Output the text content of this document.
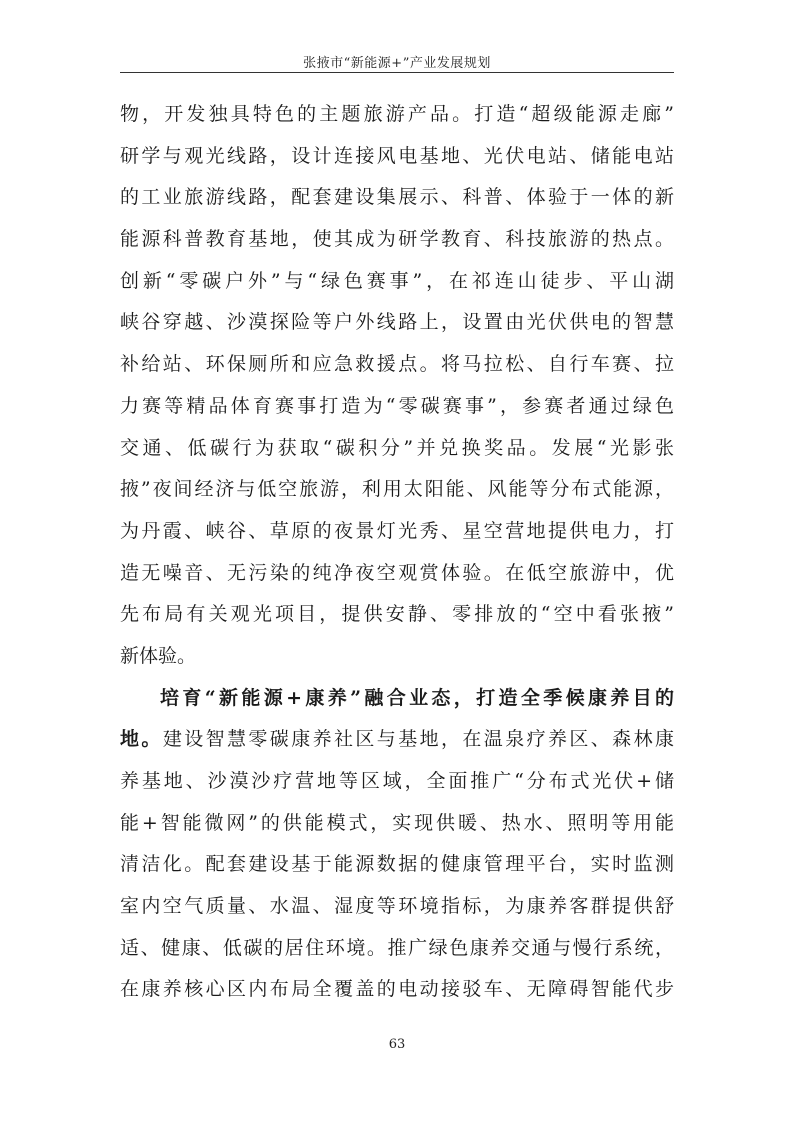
张掖市“新能源+”产业发展规划
物，开发独具特色的主题旅游产品。打造“超级能源走廊”
研学与观光线路，设计连接风电基地、光伏电站、储能电站
的工业旅游线路，配套建设集展示、科普、体验于一体的新
能源科普教育基地，使其成为研学教育、科技旅游的热点。
创新“零碳户外”与“绿色赛事”，在祁连山徒步、平山湖
峡谷穿越、沙漠探险等户外线路上，设置由光伏供电的智慧
补给站、环保厕所和应急救援点。将马拉松、自行车赛、拉
力赛等精品体育赛事打造为“零碳赛事”，参赛者通过绿色
交通、低碳行为获取“碳积分”并兑换奖品。发展“光影张
掖”夜间经济与低空旅游，利用太阳能、风能等分布式能源，
为丹霞、峡谷、草原的夜景灯光秀、星空营地提供电力，打
造无噪音、无污染的纯净夜空观赏体验。在低空旅游中，优
先布局有关观光项目，提供安静、零排放的“空中看张掖”
新体验。
培育“新能源+康养”融合业态，打造全季候康养目的
地。建设智慧零碳康养社区与基地，在温泉疗养区、森林康
养基地、沙漠沙疗营地等区域，全面推广“分布式光伏+储
能+智能微网”的供能模式，实现供暖、热水、照明等用能
清洁化。配套建设基于能源数据的健康管理平台，实时监测
室内空气质量、水温、湿度等环境指标，为康养客群提供舒
适、健康、低碳的居住环境。推广绿色康养交通与慢行系统，
在康养核心区内布局全覆盖的电动接驳车、无障碍智能代步
63
